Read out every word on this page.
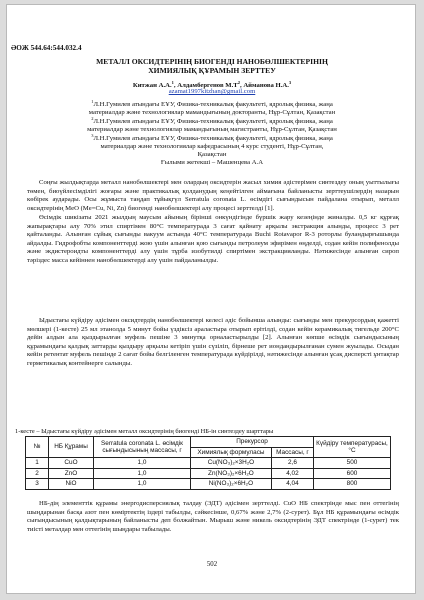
ӘОЖ 544.64:544.032.4
МЕТАЛЛ ОКСИДТЕРІНІҢ БИОГЕНДІ НАНОБӨЛШЕКТЕРІНІҢ
ХИМИЯЛЫҚ ҚҰРАМЫН ЗЕРТТЕУ
Китжан А.А.$^1$, Алдамбергенов $М.Т^2$, Айманова Н.А.$^3$
azamat1997kitzhan@gmail.com
$^1$Л.Н.Гумилев атындағы ЕҰУ, Физика-техникалық факультеті, ядролық физика, жаңа
материалдар және технологиялар мамандығының докторанты, Нұр-Сұлтан, Қазақстан
$^2$Л.Н.Гумилев атындағы ЕҰУ, Физика-техникалық факультеті, ядролық физика, жаңа
материалдар және технологиялар мамандығының магистранты, Нұр-Сұлтан, Қазақстан
$^3$Л.Н.Гумилев атындағы ЕҰУ, Физика-техникалық факультеті, ядролық физика, жаңа
материалдар және технологиялар кафедрасының 4 курс студенті, Нұр-Сұлтан,
Қазақстан
Ғылыми жетекші – Машенцева А.А
Соңғы жылдықтарда металл нанобөлшектері мен олардың оксидтерін жасыл химия әдістерімен синтездеу оның уыттылығы төмен, биоүйлесімділігі жоғары және практикалық қолданудың кеңейтілген аймағына байланысты зерттеушілердің назарын көбірек аударады. Осы жұмыста таңдап тұйықгүл Serratula coronata L. өсімдігі сығындысын пайдалана отырып, металл оксидтерінің MeO (Me=Cu, Ni, Zn) биогенді нанобөлшектері алу процесі зерттелді [1].
Өсімдік шикізаты 2021 жылдың маусым айының бірінші онкүндігінде бүршік жару кезеңінде жиналды. 0,5 кг құрғақ жапырақтары алу 70% этил спиртімен 80°С температурада 3 сағат қайнату арқылы экстракция алынды, процесс 3 рет қайталанды. Алынған сұйық сығынды вакуум астында 40°С температурада Buchi Rotavapor R-3 роторлы буландырғышында айдалды. Гидрофобты компоненттерді жою үшін алынған қою сығынды петролеум эфирімен өңделді, содан кейін полифенолды және экдистероидты компоненттерді алу үшін тұрба изобутилді спиртімен экстракцияланды. Нәтижесінде алынған сироп тәріздес масса кейіннен нанобөлшектерді алу үшін пайдаланылды.
Ыдыстағы күйдіру әдісімен оксидтердің нанобөлшектері келесі әдіс бойынша алынды: сығынды мен прекурсордың қажетті мөлшері (1-кесте) 25 мл этанолда 5 минут бойы үздіксіз араластыра отырып ерітілді, содан кейін керамикалық тигельде 200°С дейін алдын ала қыздырылған муфель пешіне 3 минутқа орналастырылды [2]. Алынған көпше өсімдік сығындысының құрамындағы қалдық заттарды қыздыру арқылы кетіріп үшін сүзіліп, бірнеше рет иондандырылғанан сумен жуылады. Осыдан кейін ретентат муфель пешінде 2 сағат бойы белгіленген температурада күйдірілді, нәтижесінде алынған ұсақ дисперсті ұнтақтар герметикалық контейнерге салынды.
1-кесте – Ыдыстағы күйдіру әдісімен металл оксидтерінің биогенді НБ-ін синтездеу шарттары
№	НБ Құрамы	Serratula coronata L. өсімдік сығындысының массасы, г	Прекурсор		Күйдіру температурасы, °С
			Химиялық формуласы	Массасы, г	
1	CuO	1,0	Cu(NO₃)₂×3H₂O	2,6	500
2	ZnO	1,0	Zn(NO₃)₂×6H₂O	4,02	600
3	NiO	1,0	Ni(NO₃)₂×6H₂O	4,04	800
НБ-дің элементтік құрамы энергодисперсиялық талдау (ЭДТ) әдісімен зерттелді. CuO НБ спектрінде мыс пен оттегінің шыңдарынан басқа азот пен көміртектің іздері табылды, сәйкесінше, 0,67% және 2,7% (2-сурет). Бұл НБ құрамындағы өсімдік сығындысының қалдықтарының байланысты деп болжайтын. Мырыш және никель оксидтерінің ЭДТ спектрінде (1-сурет) тек тиісті металдар мен оттегінің шыңдары табылады.
502
